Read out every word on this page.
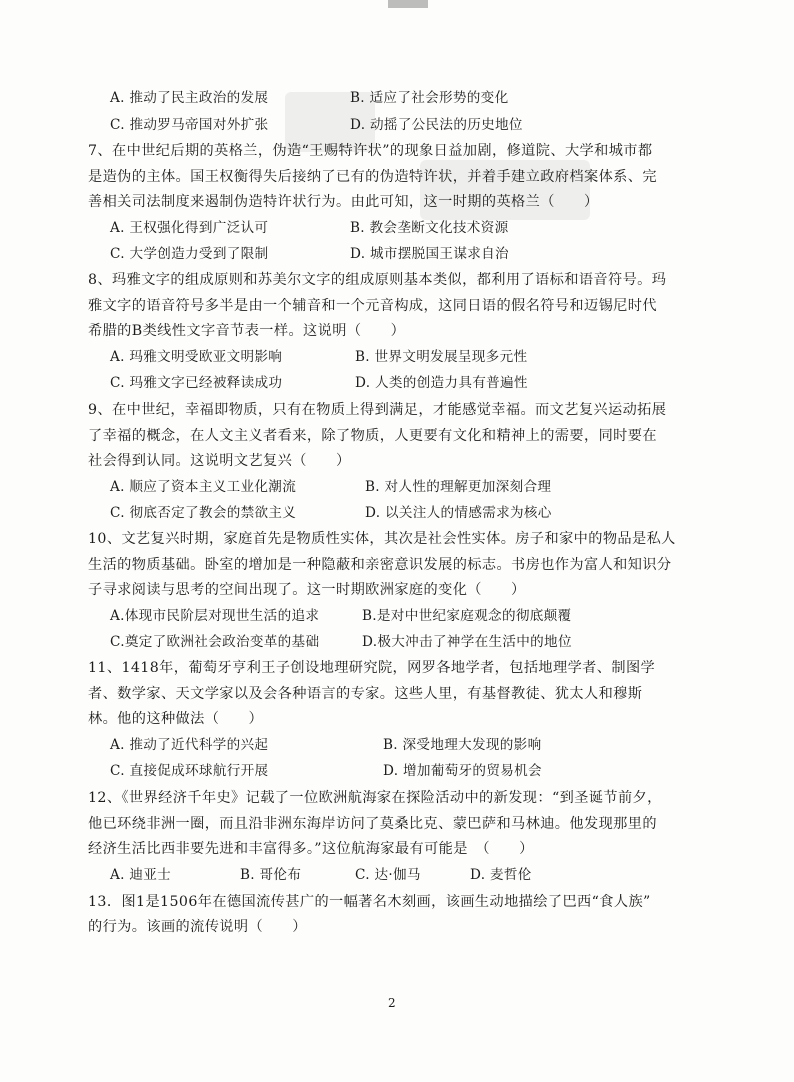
A. 推动了民主政治的发展	B. 适应了社会形势的变化
C. 推动罗马帝国对外扩张	D. 动摇了公民法的历史地位
7、在中世纪后期的英格兰，伪造“王赐特许状”的现象日益加剧，修道院、大学和城市都
是造伪的主体。国王权衡得失后接纳了已有的伪造特许状，并着手建立政府档案体系、完
善相关司法制度来遏制伪造特许状行为。由此可知，这一时期的英格兰（　　）
A. 王权强化得到广泛认可	B. 教会垄断文化技术资源
C. 大学创造力受到了限制	D. 城市摆脱国王谋求自治
8、玛雅文字的组成原则和苏美尔文字的组成原则基本类似，都利用了语标和语音符号。玛
雅文字的语音符号多半是由一个辅音和一个元音构成，这同日语的假名符号和迈锡尼时代
希腊的B类线性文字音节表一样。这说明（　　）
A. 玛雅文明受欧亚文明影响	B. 世界文明发展呈现多元性
C. 玛雅文字已经被释读成功	D. 人类的创造力具有普遍性
9、在中世纪，幸福即物质，只有在物质上得到满足，才能感觉幸福。而文艺复兴运动拓展
了幸福的概念，在人文主义者看来，除了物质，人更要有文化和精神上的需要，同时要在
社会得到认同。这说明文艺复兴（　　）
A. 顺应了资本主义工业化潮流	B. 对人性的理解更加深刻合理
C. 彻底否定了教会的禁欲主义	D. 以关注人的情感需求为核心
10、文艺复兴时期，家庭首先是物质性实体，其次是社会性实体。房子和家中的物品是私人
生活的物质基础。卧室的增加是一种隐蔽和亲密意识发展的标志。书房也作为富人和知识分
子寻求阅读与思考的空间出现了。这一时期欧洲家庭的变化（　　）
A.体现市民阶层对现世生活的追求	B.是对中世纪家庭观念的彻底颠覆
C.奠定了欧洲社会政治变革的基础	D.极大冲击了神学在生活中的地位
11、1418年，葡萄牙亨利王子创设地理研究院，网罗各地学者，包括地理学者、制图学
者、数学家、天文学家以及会各种语言的专家。这些人里，有基督教徒、犹太人和穆斯
林。他的这种做法（　　）
A. 推动了近代科学的兴起	B. 深受地理大发现的影响
C. 直接促成环球航行开展	D. 增加葡萄牙的贸易机会
12、《世界经济千年史》记载了一位欧洲航海家在探险活动中的新发现：“到圣诞节前夕，
他已环绕非洲一圈，而且沿非洲东海岸访问了莫桑比克、蒙巴萨和马林迪。他发现那里的
经济生活比西非要先进和丰富得多。”这位航海家最有可能是　（　　）
A. 迪亚士	B. 哥伦布	C. 达·伽马	D. 麦哲伦
13．图1是1506年在德国流传甚广的一幅著名木刻画，该画生动地描绘了巴西“食人族”
的行为。该画的流传说明（　　）
2
